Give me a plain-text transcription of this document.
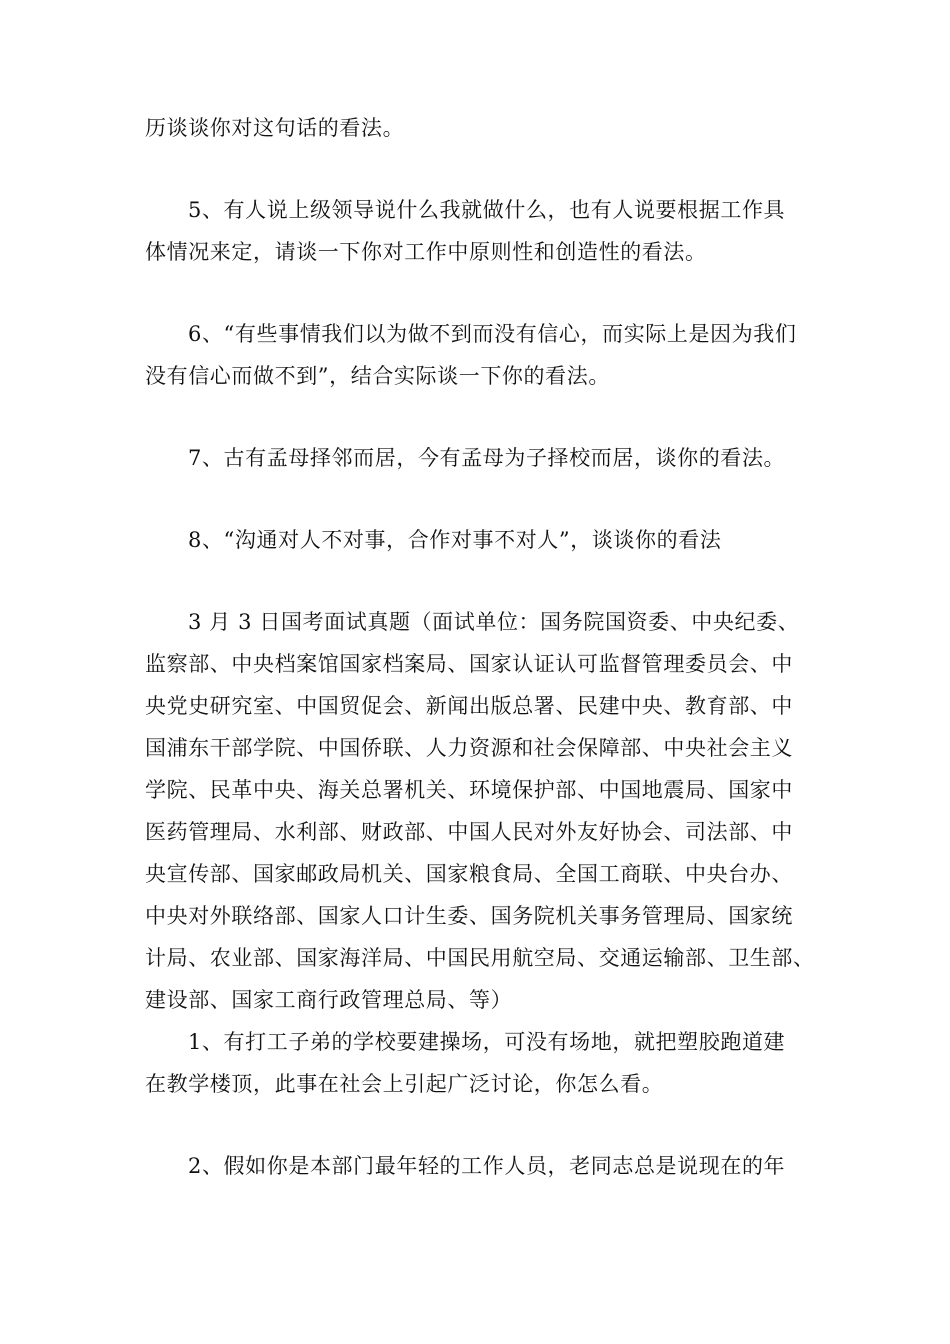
历谈谈你对这句话的看法。
5、有人说上级领导说什么我就做什么，也有人说要根据工作具
体情况来定，请谈一下你对工作中原则性和创造性的看法。
6、“有些事情我们以为做不到而没有信心，而实际上是因为我们
没有信心而做不到”，结合实际谈一下你的看法。
7、古有孟母择邻而居，今有孟母为子择校而居，谈你的看法。
8、“沟通对人不对事，合作对事不对人”，谈谈你的看法
3 月 3 日国考面试真题（面试单位：国务院国资委、中央纪委、
监察部、中央档案馆国家档案局、国家认证认可监督管理委员会、中
央党史研究室、中国贸促会、新闻出版总署、民建中央、教育部、中
国浦东干部学院、中国侨联、人力资源和社会保障部、中央社会主义
学院、民革中央、海关总署机关、环境保护部、中国地震局、国家中
医药管理局、水利部、财政部、中国人民对外友好协会、司法部、中
央宣传部、国家邮政局机关、国家粮食局、全国工商联、中央台办、
中央对外联络部、国家人口计生委、国务院机关事务管理局、国家统
计局、农业部、国家海洋局、中国民用航空局、交通运输部、卫生部、
建设部、国家工商行政管理总局、等）
1、有打工子弟的学校要建操场，可没有场地，就把塑胶跑道建
在教学楼顶，此事在社会上引起广泛讨论，你怎么看。
2、假如你是本部门最年轻的工作人员，老同志总是说现在的年
